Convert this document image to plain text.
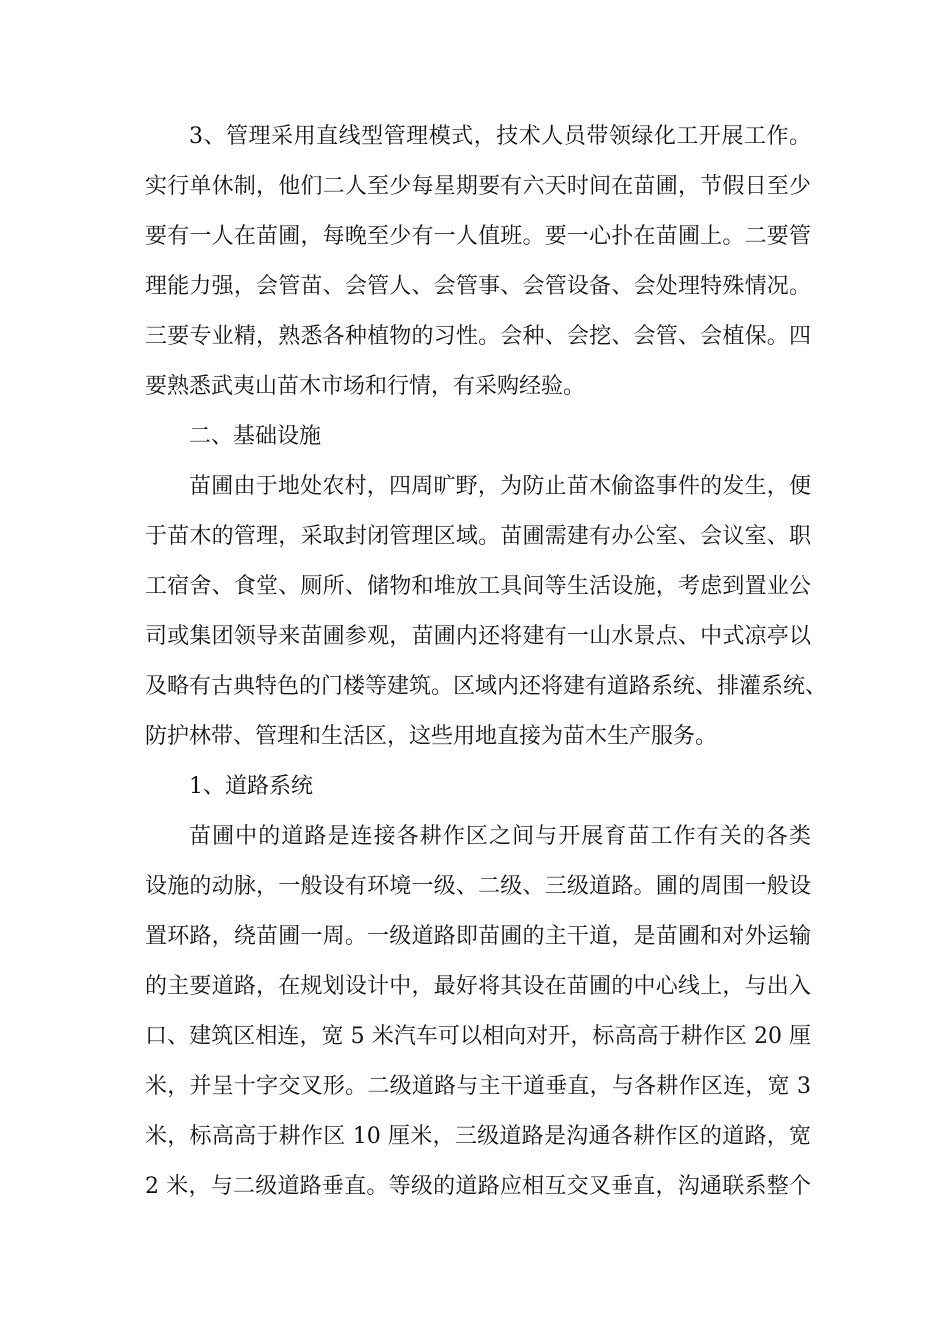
3、管理采用直线型管理模式，技术人员带领绿化工开展工作。
实行单休制，他们二人至少每星期要有六天时间在苗圃，节假日至少
要有一人在苗圃，每晚至少有一人值班。要一心扑在苗圃上。二要管
理能力强，会管苗、会管人、会管事、会管设备、会处理特殊情况。
三要专业精，熟悉各种植物的习性。会种、会挖、会管、会植保。四
要熟悉武夷山苗木市场和行情，有采购经验。
二、基础设施
苗圃由于地处农村，四周旷野，为防止苗木偷盗事件的发生，便
于苗木的管理，采取封闭管理区域。苗圃需建有办公室、会议室、职
工宿舍、食堂、厕所、储物和堆放工具间等生活设施，考虑到置业公
司或集团领导来苗圃参观，苗圃内还将建有一山水景点、中式凉亭以
及略有古典特色的门楼等建筑。区域内还将建有道路系统、排灌系统、
防护林带、管理和生活区，这些用地直接为苗木生产服务。
1、道路系统
苗圃中的道路是连接各耕作区之间与开展育苗工作有关的各类
设施的动脉，一般设有环境一级、二级、三级道路。圃的周围一般设
置环路，绕苗圃一周。一级道路即苗圃的主干道，是苗圃和对外运输
的主要道路，在规划设计中，最好将其设在苗圃的中心线上，与出入
口、建筑区相连，宽 5 米汽车可以相向对开，标高高于耕作区 20 厘
米，并呈十字交叉形。二级道路与主干道垂直，与各耕作区连，宽 3
米，标高高于耕作区 10 厘米，三级道路是沟通各耕作区的道路，宽
2 米，与二级道路垂直。等级的道路应相互交叉垂直，沟通联系整个
